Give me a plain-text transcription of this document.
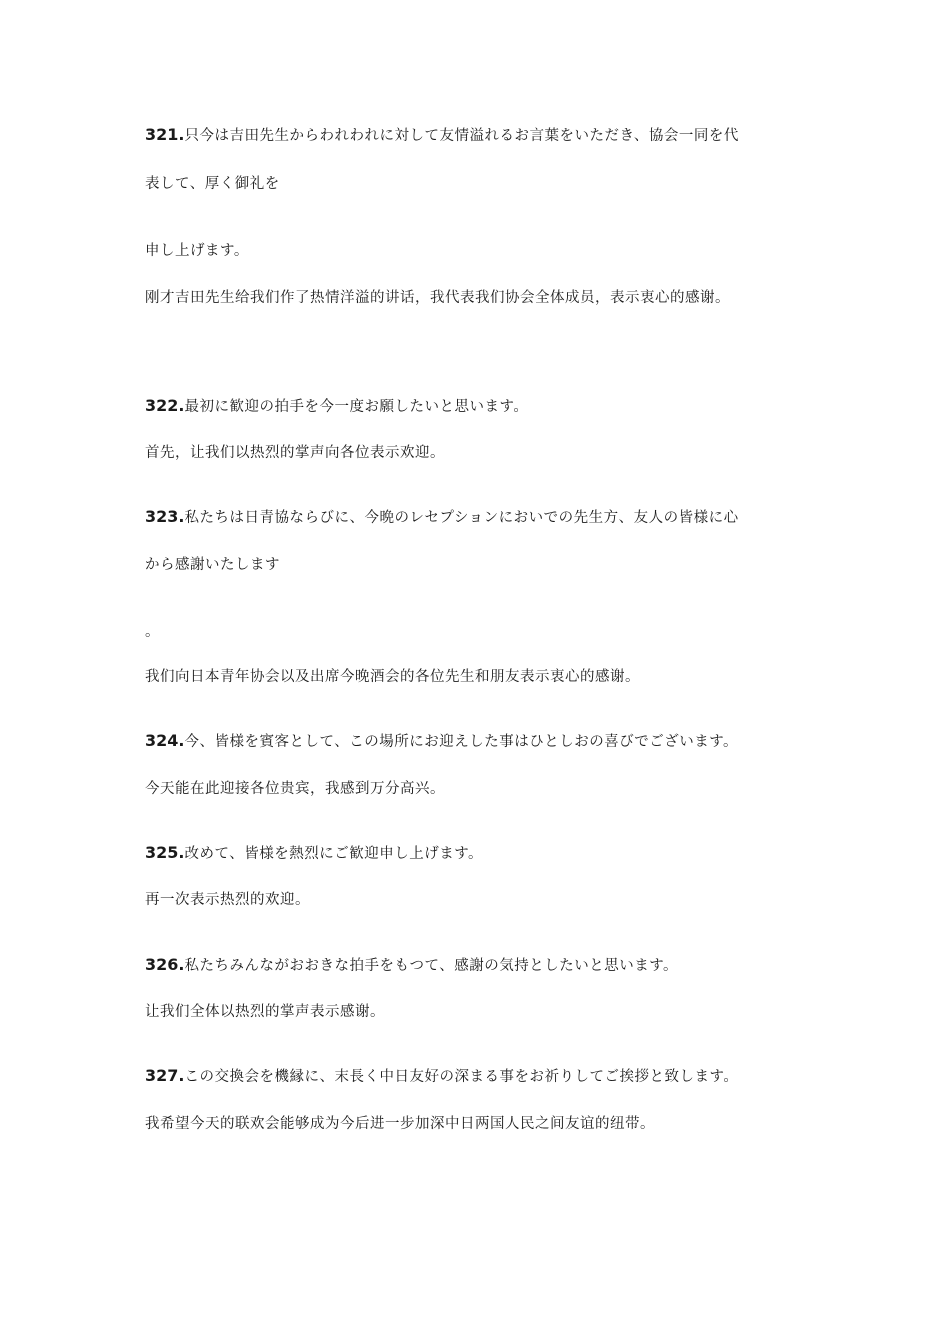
321.只今は吉田先生からわれわれに対して友情溢れるお言葉をいただき、協会一同を代
表して、厚く御礼を
申し上げます。
刚才吉田先生给我们作了热情洋溢的讲话，我代表我们协会全体成员，表示衷心的感谢。
322.最初に歓迎の拍手を今一度お願したいと思います。
首先，让我们以热烈的掌声向各位表示欢迎。
323.私たちは日青協ならびに、今晩のレセプションにおいでの先生方、友人の皆様に心
から感謝いたします
。
我们向日本青年协会以及出席今晚酒会的各位先生和朋友表示衷心的感谢。
324.今、皆様を賓客として、この場所にお迎えした事はひとしおの喜びでございます。
今天能在此迎接各位贵宾，我感到万分高兴。
325.改めて、皆様を熱烈にご歓迎申し上げます。
再一次表示热烈的欢迎。
326.私たちみんながおおきな拍手をもつて、感謝の気持としたいと思います。
让我们全体以热烈的掌声表示感谢。
327.この交換会を機縁に、末長く中日友好の深まる事をお祈りしてご挨拶と致します。
我希望今天的联欢会能够成为今后进一步加深中日两国人民之间友谊的纽带。
